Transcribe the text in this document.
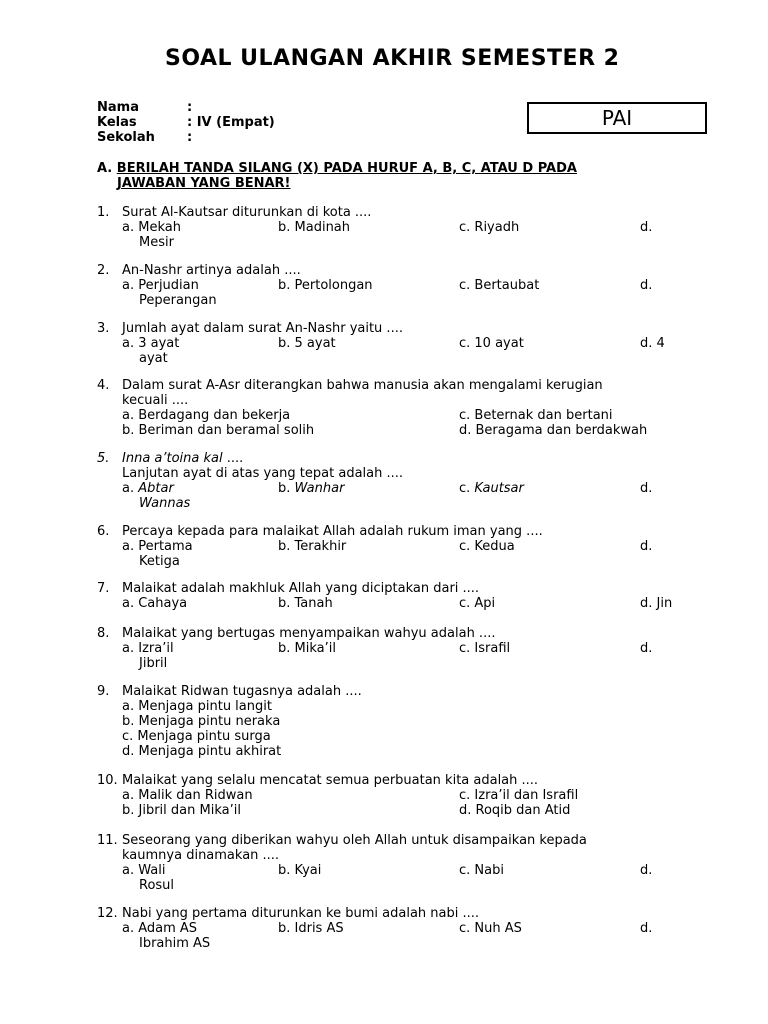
SOAL ULANGAN AKHIR SEMESTER 2
Nama	:
Kelas	: IV (Empat)
Sekolah	:
PAI
A. BERILAH TANDA SILANG (X) PADA HURUF A, B, C, ATAU D PADA
JAWABAN YANG BENAR!
1. Surat Al-Kautsar diturunkan di kota ....
a. Mekah	b. Madinah	c. Riyadh	d.
Mesir
2. An-Nashr artinya adalah ....
a. Perjudian	b. Pertolongan	c. Bertaubat	d.
Peperangan
3. Jumlah ayat dalam surat An-Nashr yaitu ....
a. 3 ayat	b. 5 ayat	c. 10 ayat	d. 4
ayat
4. Dalam surat A-Asr diterangkan bahwa manusia akan mengalami kerugian
kecuali ....
a. Berdagang dan bekerja	c. Beternak dan bertani
b. Beriman dan beramal solih	d. Beragama dan berdakwah
5. Inna a’toina kal ....
Lanjutan ayat di atas yang tepat adalah ....
a. Abtar	b. Wanhar	c. Kautsar	d.
Wannas
6. Percaya kepada para malaikat Allah adalah rukum iman yang ....
a. Pertama	b. Terakhir	c. Kedua	d.
Ketiga
7. Malaikat adalah makhluk Allah yang diciptakan dari ....
a. Cahaya	b. Tanah	c. Api	d. Jin
8. Malaikat yang bertugas menyampaikan wahyu adalah ....
a. Izra’il	b. Mika’il	c. Israfil	d.
Jibril
9. Malaikat Ridwan tugasnya adalah ....
a. Menjaga pintu langit
b. Menjaga pintu neraka
c. Menjaga pintu surga
d. Menjaga pintu akhirat
10. Malaikat yang selalu mencatat semua perbuatan kita adalah ....
a. Malik dan Ridwan	c. Izra’il dan Israfil
b. Jibril dan Mika’il	d. Roqib dan Atid
11. Seseorang yang diberikan wahyu oleh Allah untuk disampaikan kepada
kaumnya dinamakan ....
a. Wali	b. Kyai	c. Nabi	d.
Rosul
12. Nabi yang pertama diturunkan ke bumi adalah nabi ....
a. Adam AS	b. Idris AS	c. Nuh AS	d.
Ibrahim AS
